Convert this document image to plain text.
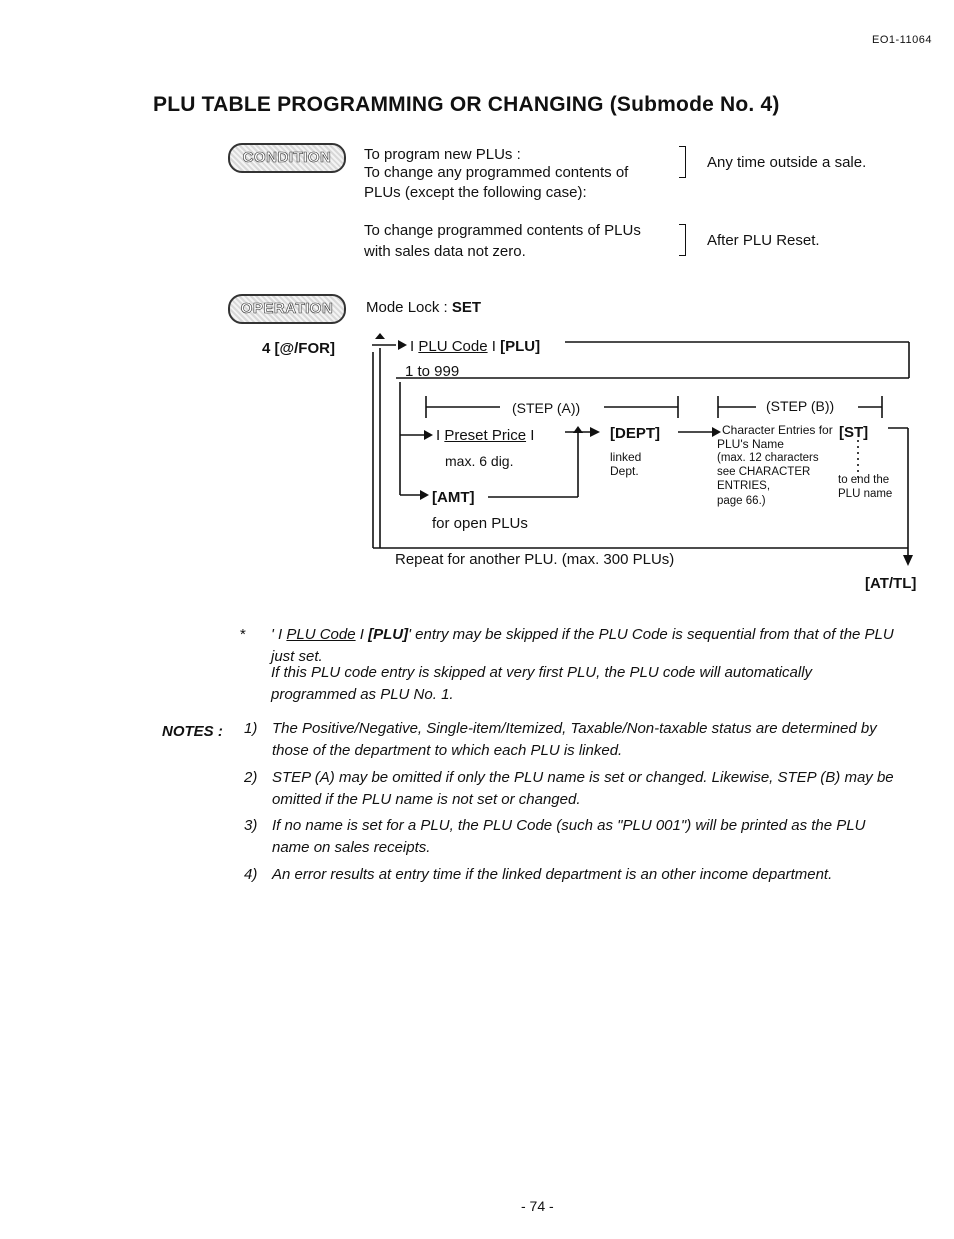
EO1-11064
PLU TABLE PROGRAMMING OR CHANGING (Submode No. 4)
CONDITION	To program new PLUs :
To change any programmed contents of
PLUs (except the following case):
Any time outside a sale.
To change programmed contents of PLUs
with sales data not zero.
After PLU Reset.
OPERATION	Mode Lock : SET
4 [@/FOR]	I PLU Code I [PLU]
1 to 999
(STEP (A))	(STEP (B))
I Preset Price I
max. 6 dig.
[DEPT]
linked
Dept.
Character Entries for [ST]
PLU's Name
(max. 12 characters
see CHARACTER
ENTRIES,
page 66.)
to end the
PLU name
[AMT]
for open PLUs
Repeat for another PLU. (max. 300 PLUs)
[AT/TL]
* ' I PLU Code I [PLU]' entry may be skipped if the PLU Code is sequential from that of the PLU just set.
If this PLU code entry is skipped at very first PLU, the PLU code will automatically programmed as PLU No. 1.
NOTES : 1) The Positive/Negative, Single-item/Itemized, Taxable/Non-taxable status are determined by those of the department to which each PLU is linked.
2) STEP (A) may be omitted if only the PLU name is set or changed. Likewise, STEP (B) may be omitted if the PLU name is not set or changed.
3) If no name is set for a PLU, the PLU Code (such as "PLU 001") will be printed as the PLU name on sales receipts.
4) An error results at entry time if the linked department is an other income department.
- 74 -
